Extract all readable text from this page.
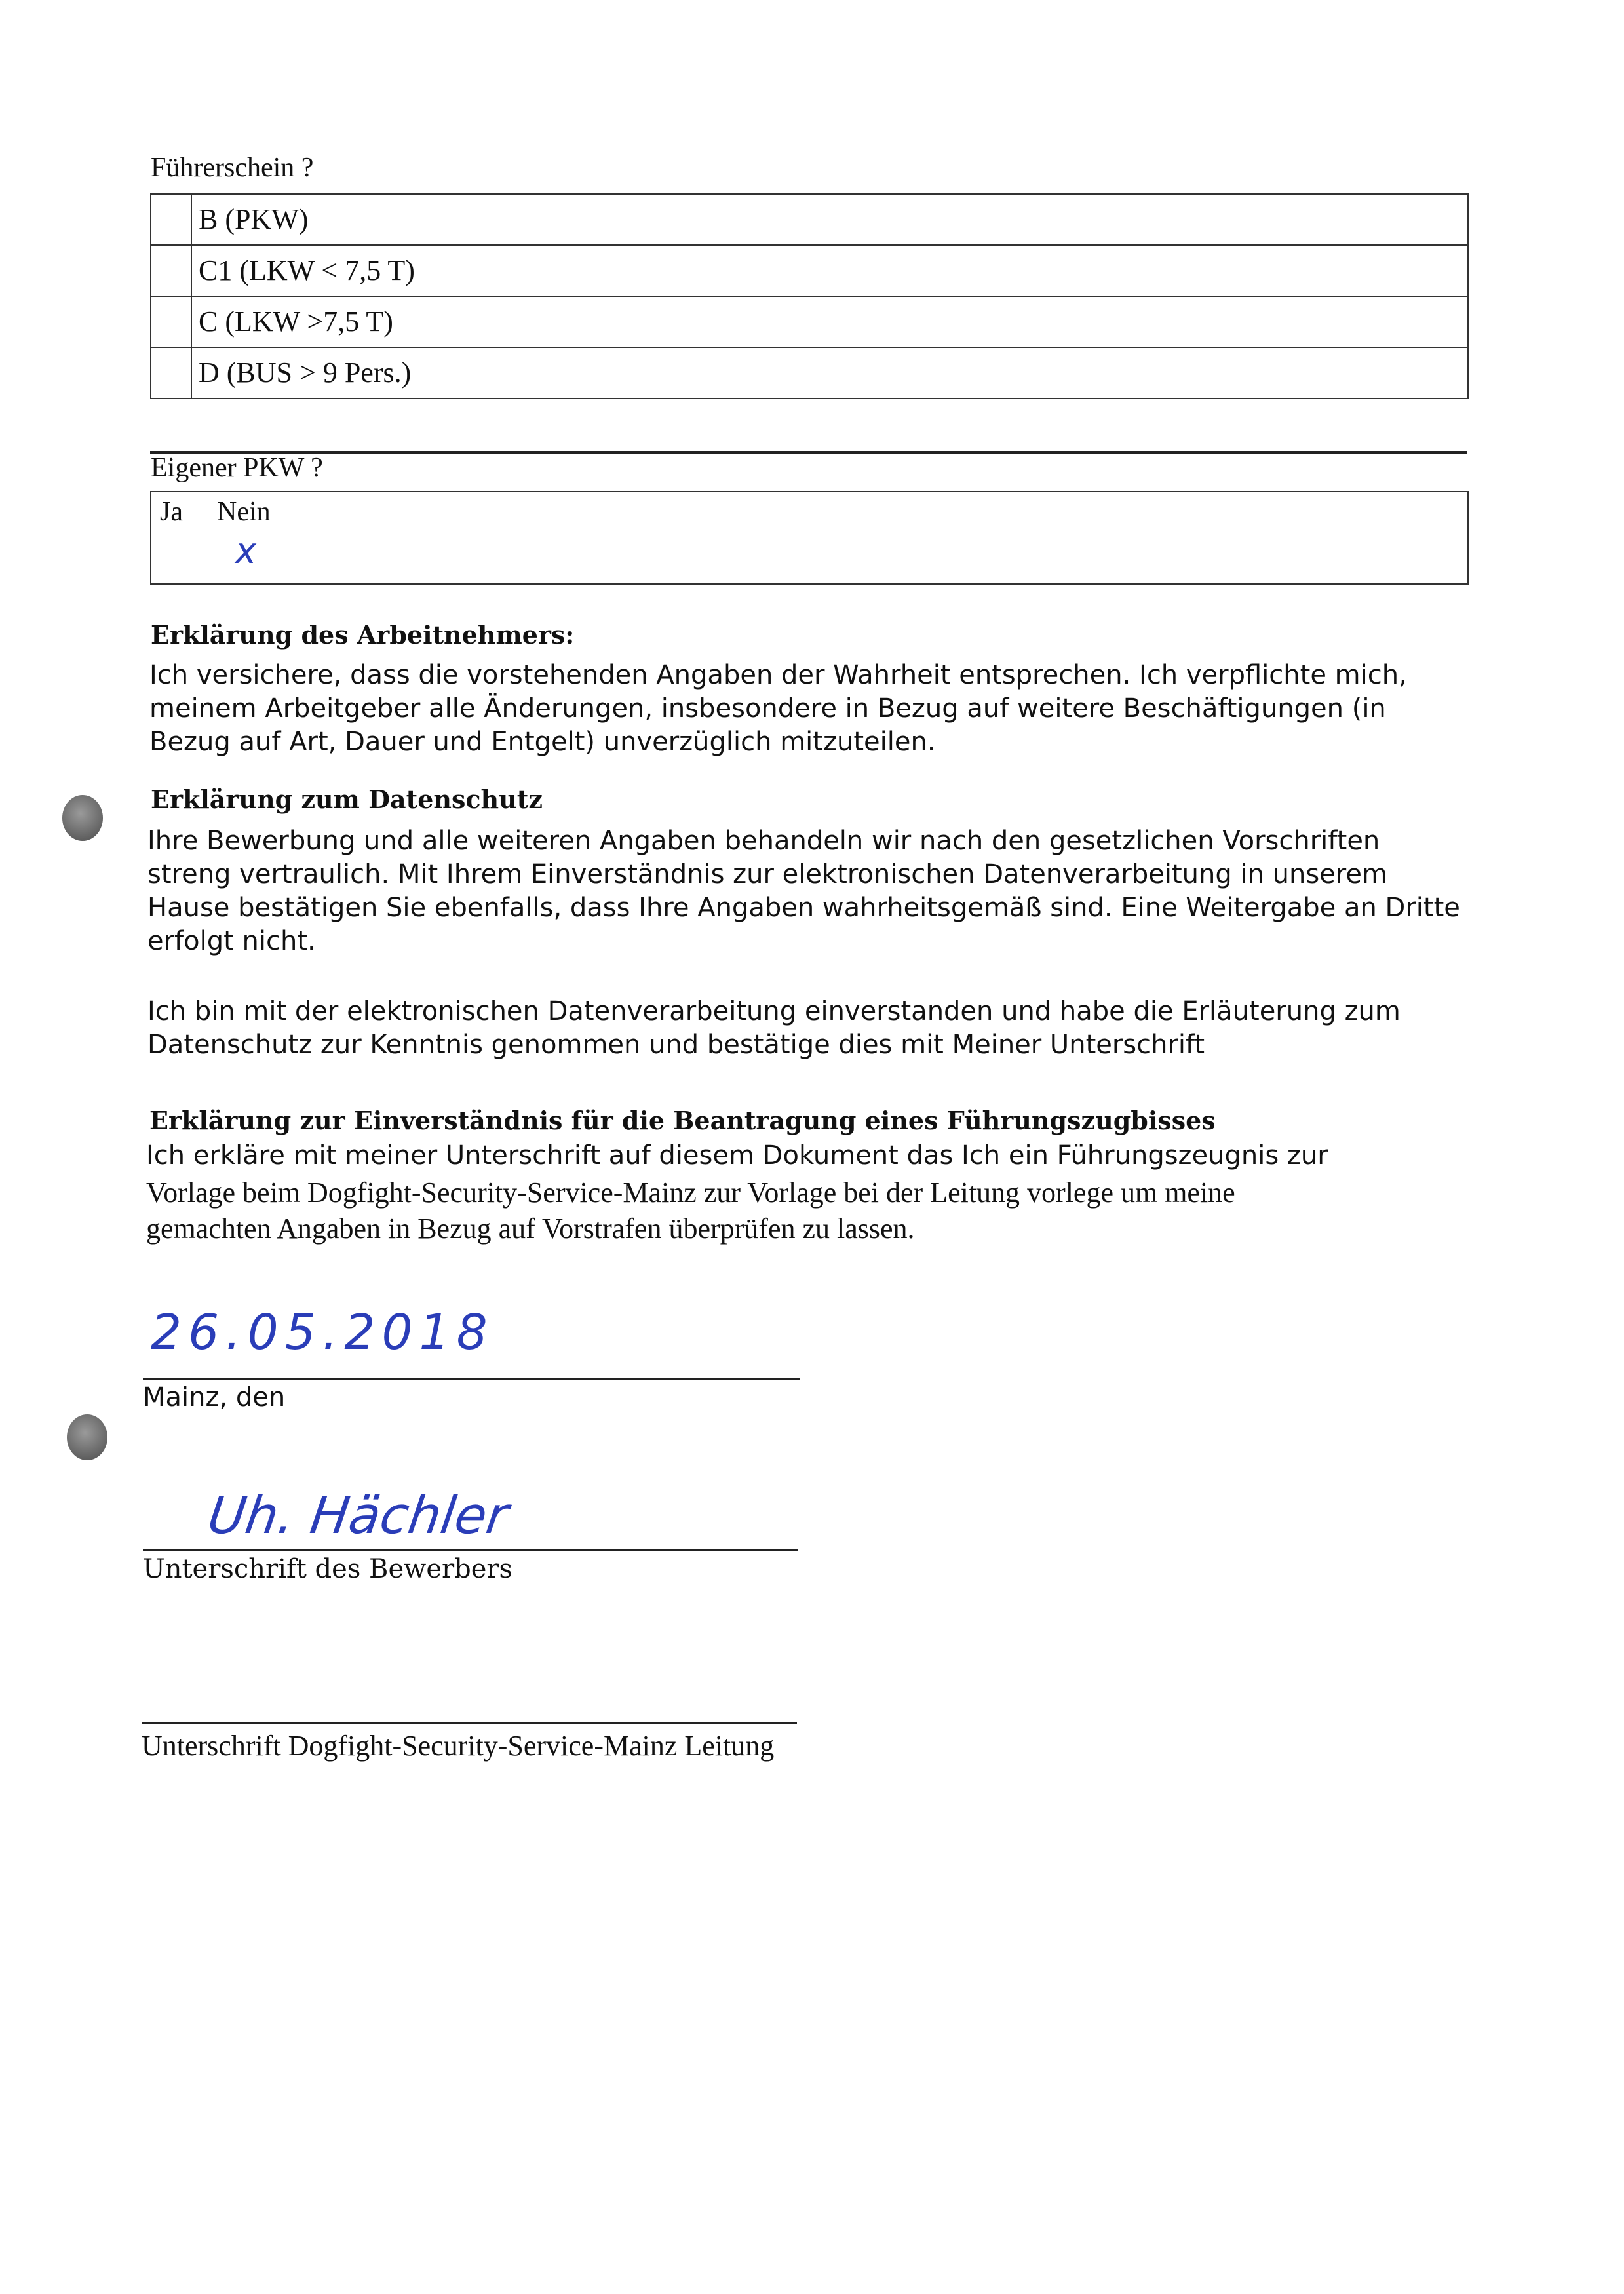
Führerschein ?
	B (PKW)
	C1 (LKW < 7,5 T)
	C (LKW >7,5 T)
	D (BUS > 9 Pers.)
Eigener PKW ?
Ja Nein
x
Erklärung des Arbeitnehmers:
Ich versichere, dass die vorstehenden Angaben der Wahrheit entsprechen. Ich verpflichte mich,
meinem Arbeitgeber alle Änderungen, insbesondere in Bezug auf weitere Beschäftigungen (in
Bezug auf Art, Dauer und Entgelt) unverzüglich mitzuteilen.
Erklärung zum Datenschutz
Ihre Bewerbung und alle weiteren Angaben behandeln wir nach den gesetzlichen Vorschriften
streng vertraulich. Mit Ihrem Einverständnis zur elektronischen Datenverarbeitung in unserem
Hause bestätigen Sie ebenfalls, dass Ihre Angaben wahrheitsgemäß sind. Eine Weitergabe an Dritte
erfolgt nicht.
Ich bin mit der elektronischen Datenverarbeitung einverstanden und habe die Erläuterung zum
Datenschutz zur Kenntnis genommen und bestätige dies mit Meiner Unterschrift
Erklärung zur Einverständnis für die Beantragung eines Führungszugbisses
Ich erkläre mit meiner Unterschrift auf diesem Dokument das Ich ein Führungszeugnis zur
Vorlage beim Dogfight-Security-Service-Mainz zur Vorlage bei der Leitung vorlege um meine
gemachten Angaben in Bezug auf Vorstrafen überprüfen zu lassen.
26.05.2018
Mainz, den
Uh. Hächler
Unterschrift des Bewerbers
Unterschrift Dogfight-Security-Service-Mainz Leitung
